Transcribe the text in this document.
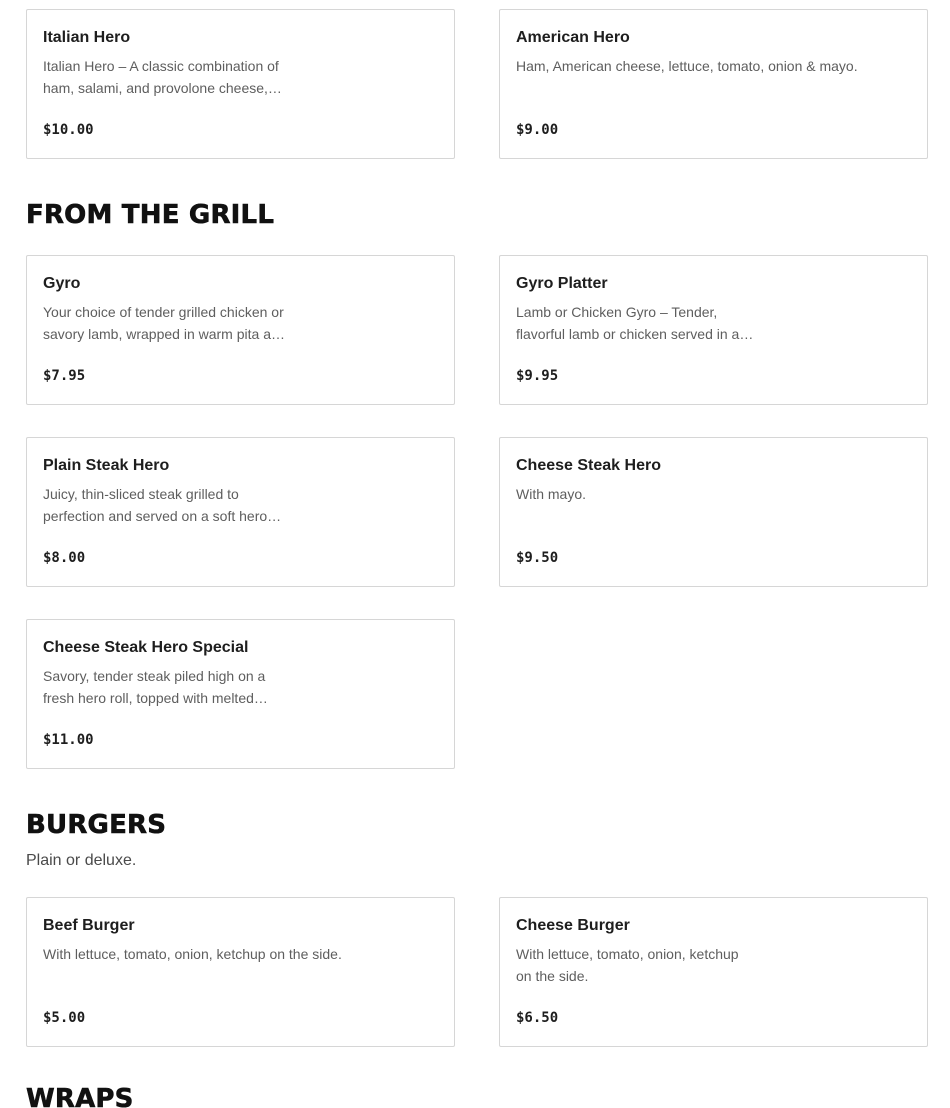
Italian Hero
Italian Hero – A classic combination of
ham, salami, and provolone cheese,…
$10.00
American Hero
Ham, American cheese, lettuce, tomato, onion & mayo.
$9.00
FROM THE GRILL
Gyro
Your choice of tender grilled chicken or
savory lamb, wrapped in warm pita a…
$7.95
Gyro Platter
Lamb or Chicken Gyro – Tender,
flavorful lamb or chicken served in a…
$9.95
Plain Steak Hero
Juicy, thin-sliced steak grilled to
perfection and served on a soft hero…
$8.00
Cheese Steak Hero
With mayo.
$9.50
Cheese Steak Hero Special
Savory, tender steak piled high on a
fresh hero roll, topped with melted…
$11.00
BURGERS
Plain or deluxe.
Beef Burger
With lettuce, tomato, onion, ketchup on the side.
$5.00
Cheese Burger
With lettuce, tomato, onion, ketchup
on the side.
$6.50
WRAPS
